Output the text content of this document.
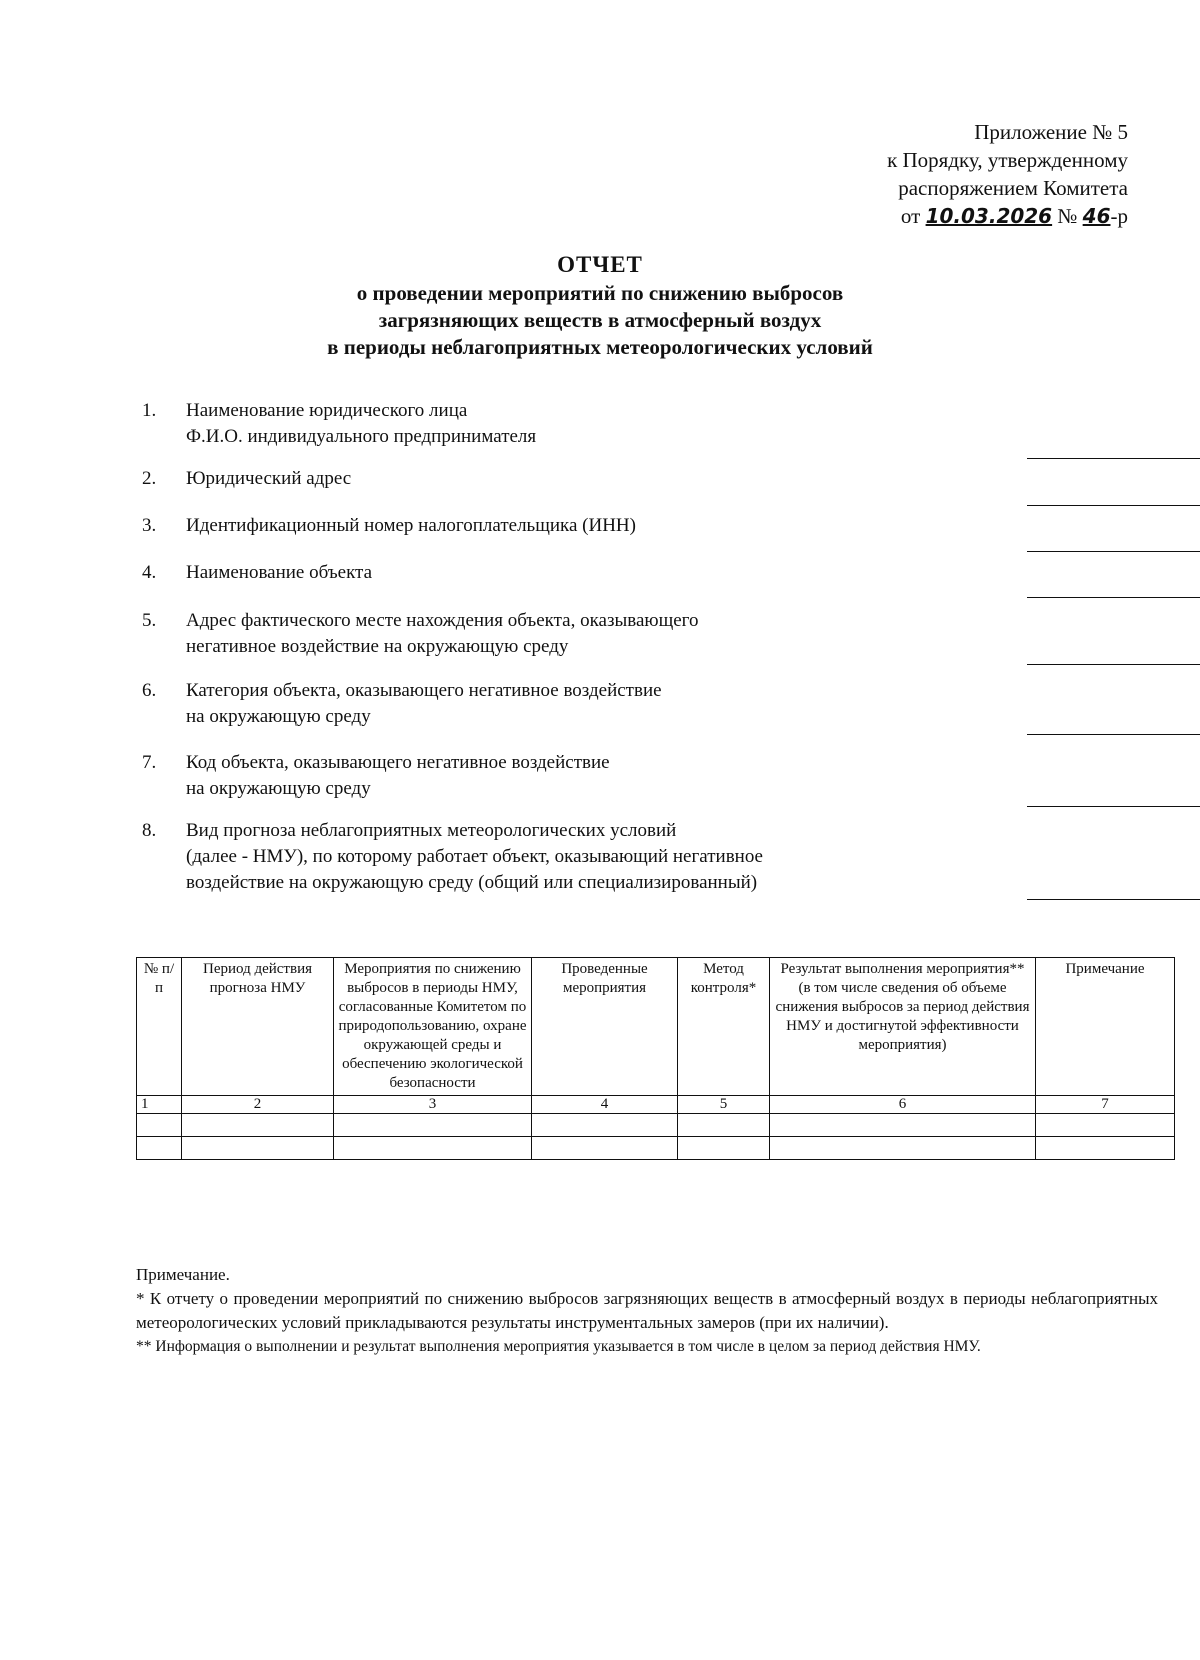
Приложение № 5
к Порядку, утвержденному
распоряжением Комитета
от 10.03.2026 № 46-р
ОТЧЕТ
о проведении мероприятий по снижению выбросов
загрязняющих веществ в атмосферный воздух
в периоды неблагоприятных метеорологических условий
1.	Наименование юридического лица
Ф.И.О. индивидуального предпринимателя
2.	Юридический адрес
3.	Идентификационный номер налогоплательщика (ИНН)
4.	Наименование объекта
5.	Адрес фактического месте нахождения объекта, оказывающего
негативное воздействие на окружающую среду
6.	Категория объекта, оказывающего негативное воздействие
на окружающую среду
7.	Код объекта, оказывающего негативное воздействие
на окружающую среду
8.	Вид прогноза неблагоприятных метеорологических условий
(далее - НМУ), по которому работает объект, оказывающий негативное
воздействие на окружающую среду (общий или специализированный)
№ п/п	Период действия прогноза НМУ	Мероприятия по снижению выбросов в периоды НМУ, согласованные Комитетом по природопользованию, охране окружающей среды и обеспечению экологической безопасности	Проведенные мероприятия	Метод контроля*	Результат выполнения мероприятия** (в том числе сведения об объеме снижения выбросов за период действия НМУ и достигнутой эффективности мероприятия)	Примечание
1	2	3	4	5	6	7

Примечание.
* К отчету о проведении мероприятий по снижению выбросов загрязняющих веществ в атмосферный воздух в периоды неблагоприятных метеорологических условий прикладываются результаты инструментальных замеров (при их наличии).
** Информация о выполнении и результат выполнения мероприятия указывается в том числе в целом за период действия НМУ.
